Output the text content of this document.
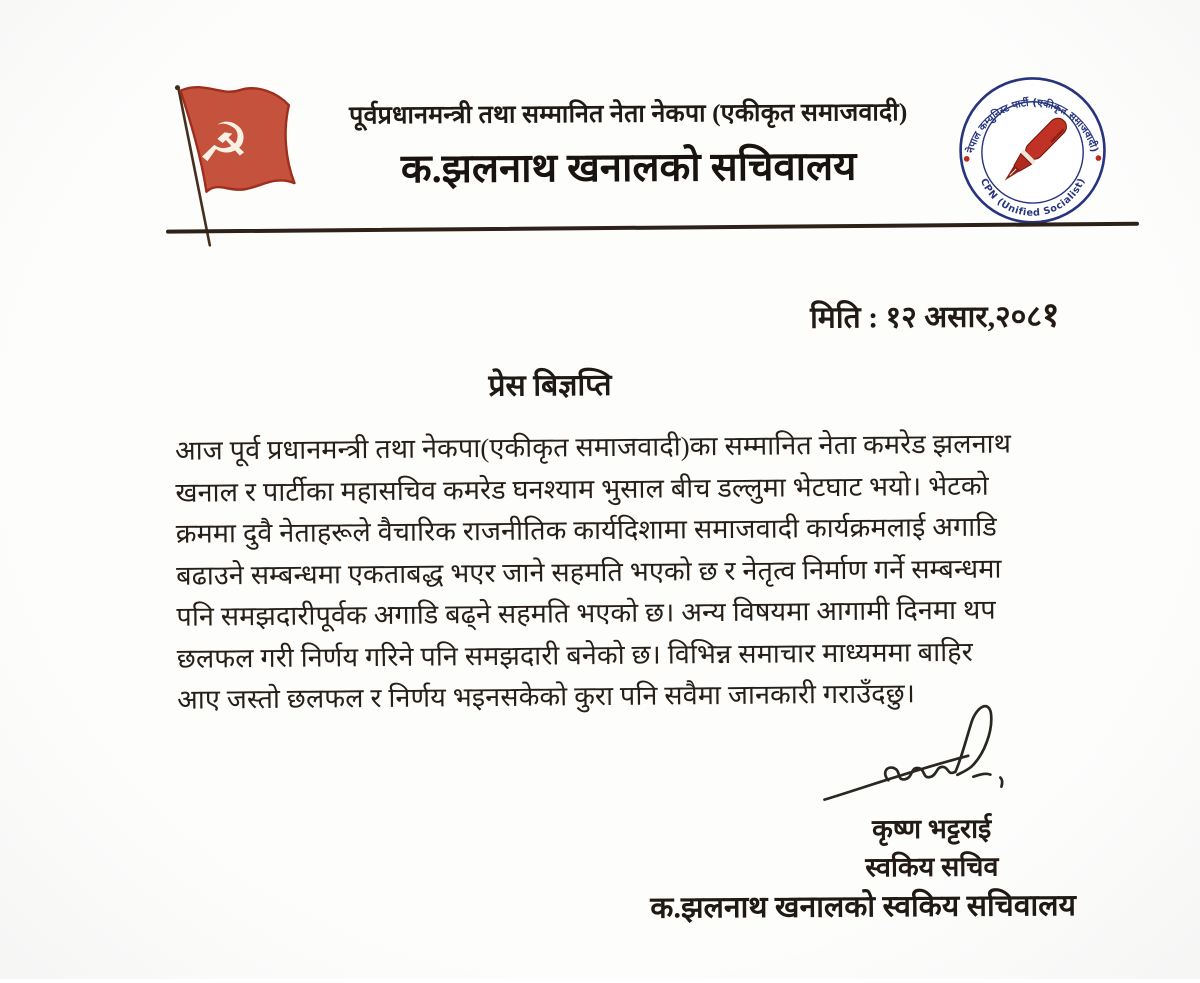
☭	पूर्वप्रधानमन्त्री तथा सम्मानित नेता नेकपा (एकीकृत समाजवादी)
क.झलनाथ खनालको सचिवालय	नेपाल कम्युनिस्ट पार्टी (एकीकृत समाजवादी)
CPN (Unified Socialist)
मिति : १२ असार,२०८१
प्रेस बिज्ञप्ति
आज पूर्व प्रधानमन्त्री तथा नेकपा(एकीकृत समाजवादी)का सम्मानित नेता कमरेड झलनाथ
खनाल र पार्टीका महासचिव कमरेड घनश्याम भुसाल बीच डल्लुमा भेटघाट भयो। भेटको
क्रममा दुवै नेताहरूले वैचारिक राजनीतिक कार्यदिशामा समाजवादी कार्यक्रमलाई अगाडि
बढाउने सम्बन्धमा एकताबद्ध भएर जाने सहमति भएको छ र नेतृत्व निर्माण गर्ने सम्बन्धमा
पनि समझदारीपूर्वक अगाडि बढ्ने सहमति भएको छ। अन्य विषयमा आगामी दिनमा थप
छलफल गरी निर्णय गरिने पनि समझदारी बनेको छ। विभिन्न समाचार माध्यममा बाहिर
आए जस्तो छलफल र निर्णय भइनसकेको कुरा पनि सवैमा जानकारी गराउँदछु।
कृष्ण भट्टराई
स्वकिय सचिव
क.झलनाथ खनालको स्वकिय सचिवालय
